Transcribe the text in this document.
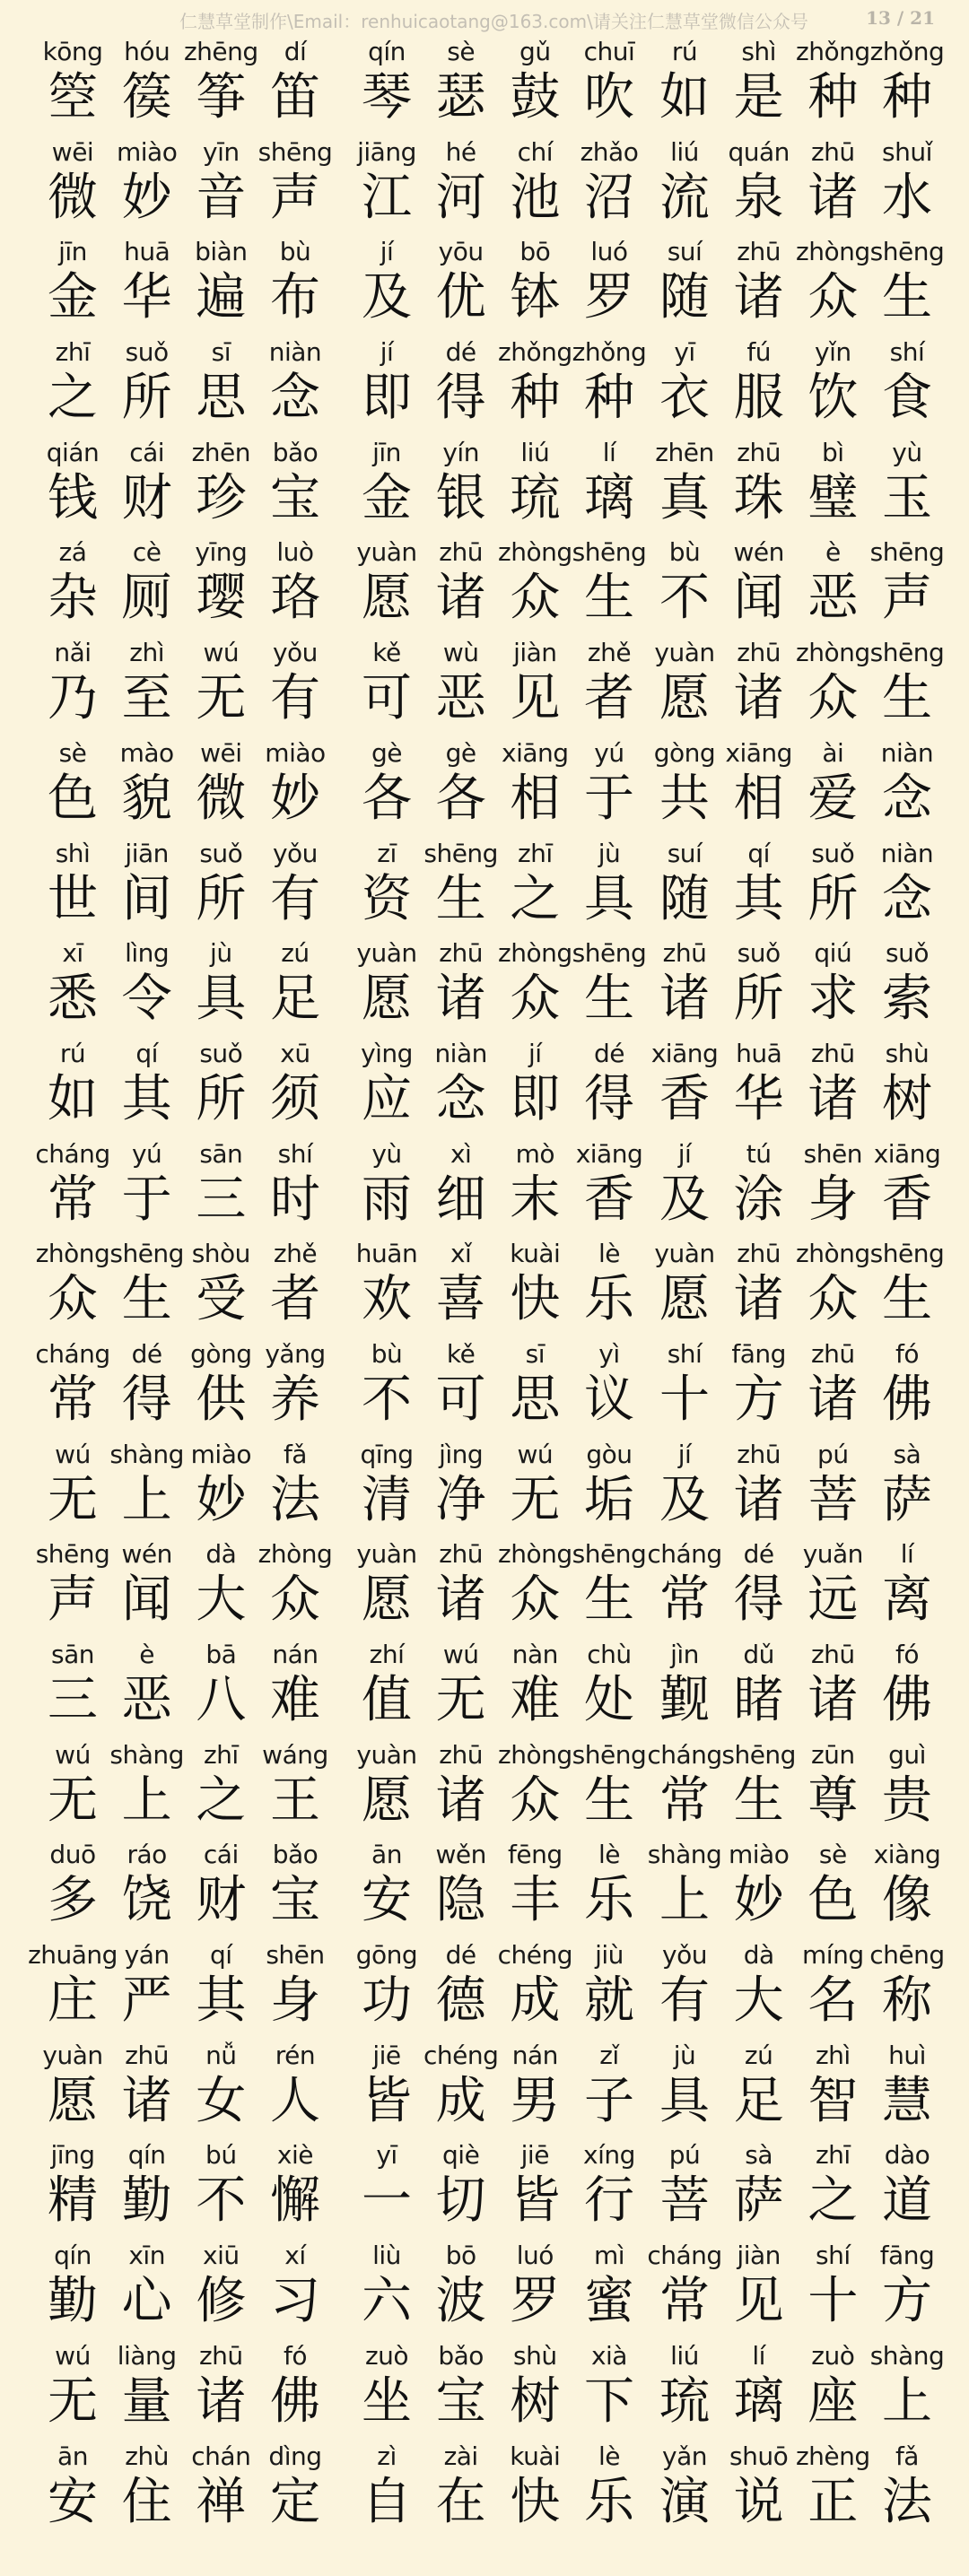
仁慧草堂制作\Email：renhuicaotang@163.com\请关注仁慧草堂微信公众号	13 / 21
kōng
箜
hóu
篌
zhēng
筝
dí
笛
qín
琴
sè
瑟
gǔ
鼓
chuī
吹
rú
如
shì
是
zhǒng
种
zhǒng
种
wēi
微
miào
妙
yīn
音
shēng
声
jiāng
江
hé
河
chí
池
zhǎo
沼
liú
流
quán
泉
zhū
诸
shuǐ
水
jīn
金
huā
华
biàn
遍
bù
布
jí
及
yōu
优
bō
钵
luó
罗
suí
随
zhū
诸
zhòng
众
shēng
生
zhī
之
suǒ
所
sī
思
niàn
念
jí
即
dé
得
zhǒng
种
zhǒng
种
yī
衣
fú
服
yǐn
饮
shí
食
qián
钱
cái
财
zhēn
珍
bǎo
宝
jīn
金
yín
银
liú
琉
lí
璃
zhēn
真
zhū
珠
bì
璧
yù
玉
zá
杂
cè
厕
yīng
璎
luò
珞
yuàn
愿
zhū
诸
zhòng
众
shēng
生
bù
不
wén
闻
è
恶
shēng
声
nǎi
乃
zhì
至
wú
无
yǒu
有
kě
可
wù
恶
jiàn
见
zhě
者
yuàn
愿
zhū
诸
zhòng
众
shēng
生
sè
色
mào
貌
wēi
微
miào
妙
gè
各
gè
各
xiāng
相
yú
于
gòng
共
xiāng
相
ài
爱
niàn
念
shì
世
jiān
间
suǒ
所
yǒu
有
zī
资
shēng
生
zhī
之
jù
具
suí
随
qí
其
suǒ
所
niàn
念
xī
悉
lìng
令
jù
具
zú
足
yuàn
愿
zhū
诸
zhòng
众
shēng
生
zhū
诸
suǒ
所
qiú
求
suǒ
索
rú
如
qí
其
suǒ
所
xū
须
yìng
应
niàn
念
jí
即
dé
得
xiāng
香
huā
华
zhū
诸
shù
树
cháng
常
yú
于
sān
三
shí
时
yù
雨
xì
细
mò
末
xiāng
香
jí
及
tú
涂
shēn
身
xiāng
香
zhòng
众
shēng
生
shòu
受
zhě
者
huān
欢
xǐ
喜
kuài
快
lè
乐
yuàn
愿
zhū
诸
zhòng
众
shēng
生
cháng
常
dé
得
gòng
供
yǎng
养
bù
不
kě
可
sī
思
yì
议
shí
十
fāng
方
zhū
诸
fó
佛
wú
无
shàng
上
miào
妙
fǎ
法
qīng
清
jìng
净
wú
无
gòu
垢
jí
及
zhū
诸
pú
菩
sà
萨
shēng
声
wén
闻
dà
大
zhòng
众
yuàn
愿
zhū
诸
zhòng
众
shēng
生
cháng
常
dé
得
yuǎn
远
lí
离
sān
三
è
恶
bā
八
nán
难
zhí
值
wú
无
nàn
难
chù
处
jìn
觐
dǔ
睹
zhū
诸
fó
佛
wú
无
shàng
上
zhī
之
wáng
王
yuàn
愿
zhū
诸
zhòng
众
shēng
生
cháng
常
shēng
生
zūn
尊
guì
贵
duō
多
ráo
饶
cái
财
bǎo
宝
ān
安
wěn
隐
fēng
丰
lè
乐
shàng
上
miào
妙
sè
色
xiàng
像
zhuāng
庄
yán
严
qí
其
shēn
身
gōng
功
dé
德
chéng
成
jiù
就
yǒu
有
dà
大
míng
名
chēng
称
yuàn
愿
zhū
诸
nǚ
女
rén
人
jiē
皆
chéng
成
nán
男
zǐ
子
jù
具
zú
足
zhì
智
huì
慧
jīng
精
qín
勤
bú
不
xiè
懈
yī
一
qiè
切
jiē
皆
xíng
行
pú
菩
sà
萨
zhī
之
dào
道
qín
勤
xīn
心
xiū
修
xí
习
liù
六
bō
波
luó
罗
mì
蜜
cháng
常
jiàn
见
shí
十
fāng
方
wú
无
liàng
量
zhū
诸
fó
佛
zuò
坐
bǎo
宝
shù
树
xià
下
liú
琉
lí
璃
zuò
座
shàng
上
ān
安
zhù
住
chán
禅
dìng
定
zì
自
zài
在
kuài
快
lè
乐
yǎn
演
shuō
说
zhèng
正
fǎ
法
